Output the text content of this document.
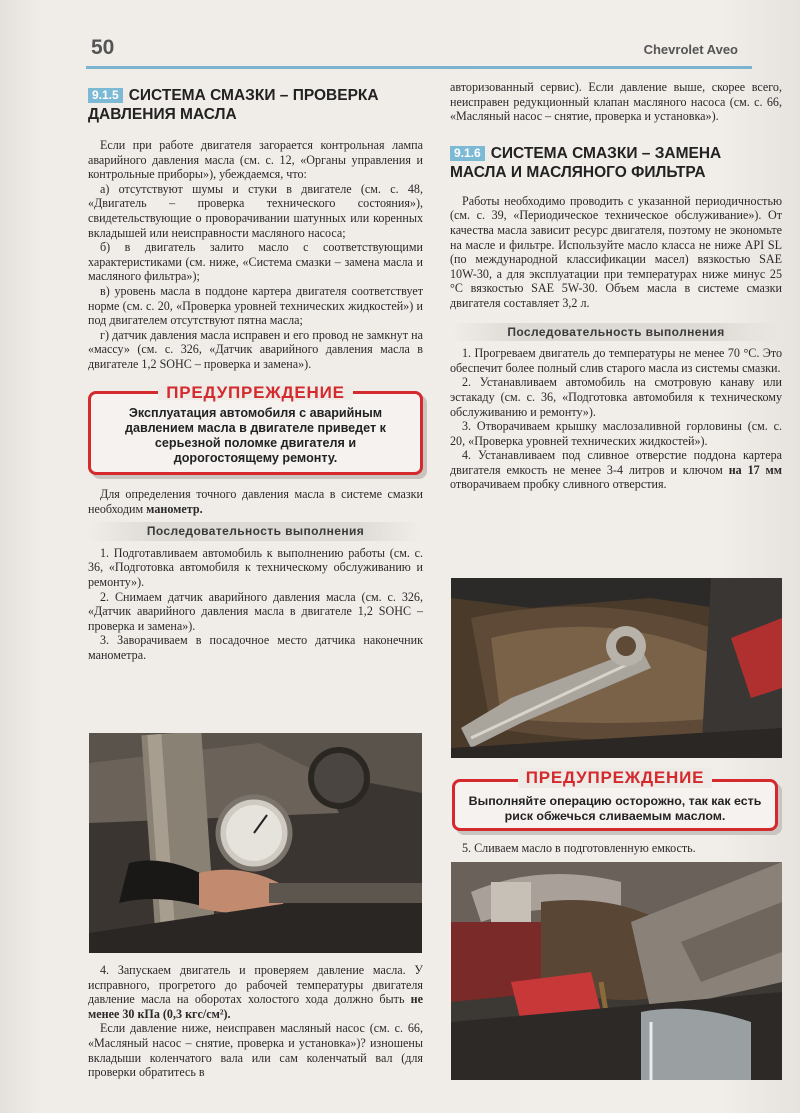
50	Chevrolet Aveo
9.1.5 СИСТЕМА СМАЗКИ – ПРОВЕРКА
ДАВЛЕНИЯ МАСЛА

Если при работе двигателя загорается контрольная лампа аварийного давления масла (см. с. 12, «Органы управления и контрольные приборы»), убеждаемся, что:

а) отсутствуют шумы и стуки в двигателе (см. с. 48, «Двигатель – проверка технического состояния»), свидетельствующие о проворачивании шатунных или коренных вкладышей или неисправности масляного насоса;

б) в двигатель залито масло с соответствующими характеристиками (см. ниже, «Система смазки – замена масла и масляного фильтра»);

в) уровень масла в поддоне картера двигателя соответствует норме (см. с. 20, «Проверка уровней технических жидкостей») и под двигателем отсутствуют пятна масла;

г) датчик давления масла исправен и его провод не замкнут на «массу» (см. с. 326, «Датчик аварийного давления масла в двигателе 1,2 SOHC – проверка и замена»).

ПРЕДУПРЕЖДЕНИЕ
Эксплуатация автомобиля с аварийным давлением масла в двигателе приведет к серьезной поломке двигателя и дорогостоящему ремонту.

Для определения точного давления масла в системе смазки необходим манометр.

Последовательность выполнения

1. Подготавливаем автомобиль к выполнению работы (см. с. 36, «Подготовка автомобиля к техническому обслуживанию и ремонту»).

2. Снимаем датчик аварийного давления масла (см. с. 326, «Датчик аварийного давления масла в двигателе 1,2 SOHC – проверка и замена»).

3. Заворачиваем в посадочное место датчика наконечник манометра.

4. Запускаем двигатель и проверяем давление масла. У исправного, прогретого до рабочей температуры двигателя давление масла на оборотах холостого хода должно быть не менее 30 кПа (0,3 кгс/см²).

Если давление ниже, неисправен масляный насос (см. с. 66, «Масляный насос – снятие, проверка и установка»)? изношены вкладыши коленчатого вала или сам коленчатый вал (для проверки обратитесь в

авторизованный сервис). Если давление выше, скорее всего, неисправен редукционный клапан масляного насоса (см. с. 66, «Масляный насос – снятие, проверка и установка»).

9.1.6 СИСТЕМА СМАЗКИ – ЗАМЕНА
МАСЛА И МАСЛЯНОГО ФИЛЬТРА

Работы необходимо проводить с указанной периодичностью (см. с. 39, «Периодическое техническое обслуживание»). От качества масла зависит ресурс двигателя, поэтому не экономьте на масле и фильтре. Используйте масло класса не ниже API SL (по международной классификации масел) вязкостью SAE 10W-30, а для эксплуатации при температурах ниже минус 25 °C вязкостью SAE 5W-30. Объем масла в системе смазки двигателя составляет 3,2 л.

Последовательность выполнения

1. Прогреваем двигатель до температуры не менее 70 °C. Это обеспечит более полный слив старого масла из системы смазки.

2. Устанавливаем автомобиль на смотровую канаву или эстакаду (см. с. 36, «Подготовка автомобиля к техническому обслуживанию и ремонту»).

3. Отворачиваем крышку маслозаливной горловины (см. с. 20, «Проверка уровней технических жидкостей»).

4. Устанавливаем под сливное отверстие поддона картера двигателя емкость не менее 3-4 литров и ключом на 17 мм отворачиваем пробку сливного отверстия.

ПРЕДУПРЕЖДЕНИЕ
Выполняйте операцию осторожно, так как есть риск обжечься сливаемым маслом.

5. Сливаем масло в подготовленную емкость.
